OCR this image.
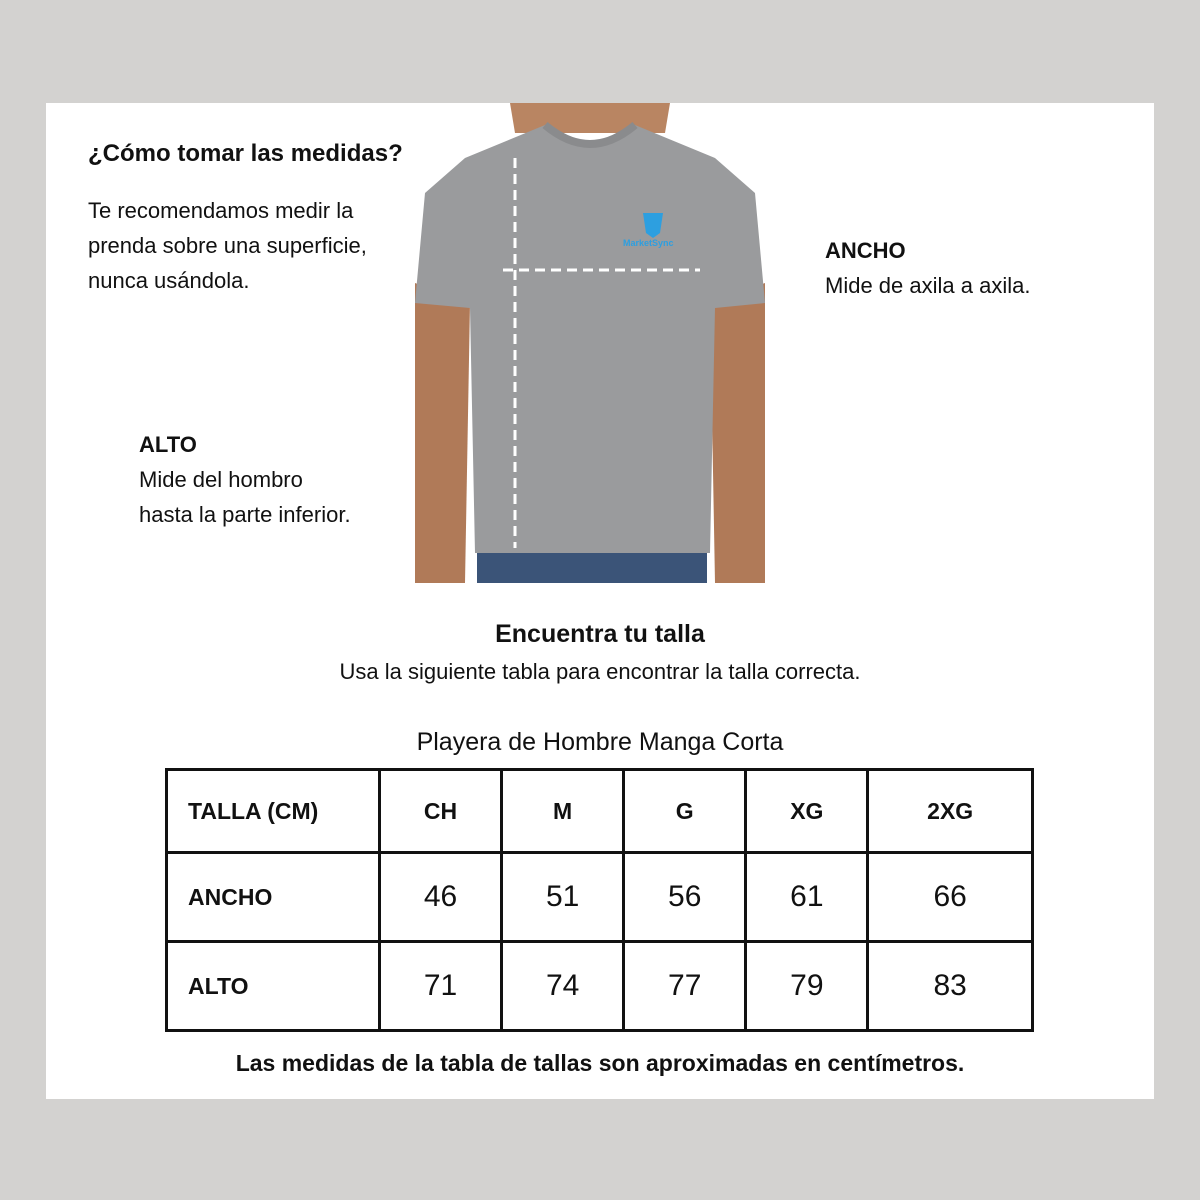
¿Cómo tomar las medidas?
Te recomendamos medir la
prenda sobre una superficie,
nunca usándola.
ANCHO
Mide de axila a axila.
ALTO
Mide del hombro
hasta la parte inferior.
MarketSync
Encuentra tu talla
Usa la siguiente tabla para encontrar la talla correcta.
Playera de Hombre Manga Corta
TALLA (CM)	CH	M	G	XG	2XG
ANCHO	46	51	56	61	66
ALTO	71	74	77	79	83
Las medidas de la tabla de tallas son aproximadas en centímetros.
